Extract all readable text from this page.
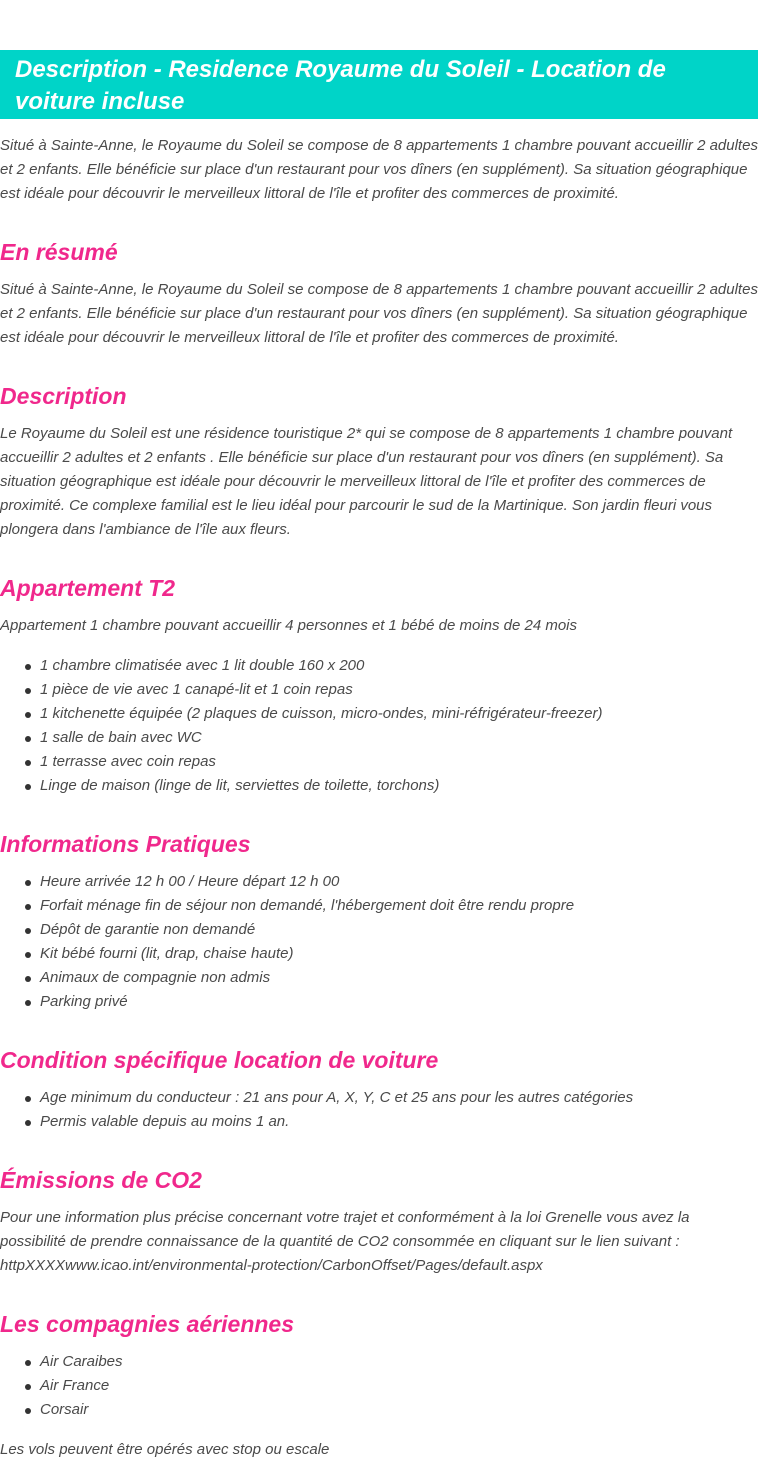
Description - Residence Royaume du Soleil - Location de voiture incluse

Situé à Sainte-Anne, le Royaume du Soleil se compose de 8 appartements 1 chambre pouvant accueillir 2 adultes et 2 enfants. Elle bénéficie sur place d'un restaurant pour vos dîners (en supplément). Sa situation géographique est idéale pour découvrir le merveilleux littoral de l'île et profiter des commerces de proximité.

En résumé

Situé à Sainte-Anne, le Royaume du Soleil se compose de 8 appartements 1 chambre pouvant accueillir 2 adultes et 2 enfants. Elle bénéficie sur place d'un restaurant pour vos dîners (en supplément). Sa situation géographique est idéale pour découvrir le merveilleux littoral de l'île et profiter des commerces de proximité.

Description

Le Royaume du Soleil est une résidence touristique 2* qui se compose de 8 appartements 1 chambre pouvant accueillir 2 adultes et 2 enfants . Elle bénéficie sur place d'un restaurant pour vos dîners (en supplément). Sa situation géographique est idéale pour découvrir le merveilleux littoral de l'île et profiter des commerces de proximité. Ce complexe familial est le lieu idéal pour parcourir le sud de la Martinique. Son jardin fleuri vous plongera dans l'ambiance de l'île aux fleurs.

Appartement T2

Appartement 1 chambre pouvant accueillir 4 personnes et 1 bébé de moins de 24 mois

1 chambre climatisée avec 1 lit double 160 x 200
1 pièce de vie avec 1 canapé-lit et 1 coin repas
1 kitchenette équipée (2 plaques de cuisson, micro-ondes, mini-réfrigérateur-freezer)
1 salle de bain avec WC
1 terrasse avec coin repas
Linge de maison (linge de lit, serviettes de toilette, torchons)
Informations Pratiques
Heure arrivée 12 h 00 / Heure départ 12 h 00
Forfait ménage fin de séjour non demandé, l'hébergement doit être rendu propre
Dépôt de garantie non demandé
Kit bébé fourni (lit, drap, chaise haute)
Animaux de compagnie non admis
Parking privé
Condition spécifique location de voiture
Age minimum du conducteur : 21 ans pour A, X, Y, C et 25 ans pour les autres catégories
Permis valable depuis au moins 1 an.
Émissions de CO2

Pour une information plus précise concernant votre trajet et conformément à la loi Grenelle vous avez la possibilité de prendre connaissance de la quantité de CO2 consommée en cliquant sur le lien suivant : httpXXXXwww.icao.int/environmental-protection/CarbonOffset/Pages/default.aspx

Les compagnies aériennes
Air Caraibes
Air France
Corsair

Les vols peuvent être opérés avec stop ou escale
